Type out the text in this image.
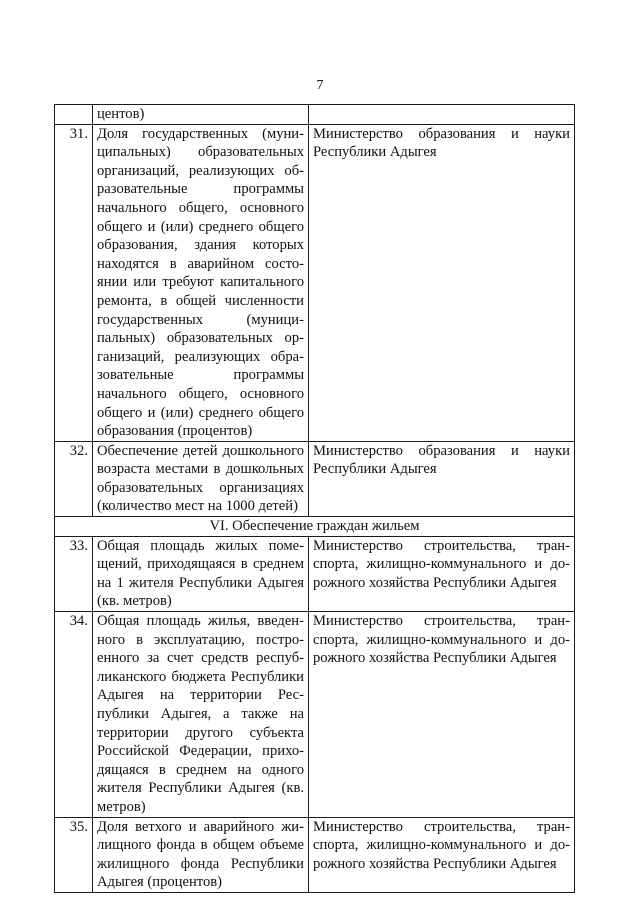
7
	центов)	
31.	Доля государственных (муниципальных) образовательных организаций, реализующих образовательные программы начального общего, основного общего и (или) среднего общего образования, здания которых находятся в аварийном состоянии или требуют капитального ремонта, в общей численности государственных (муниципальных) образовательных организаций, реализующих образовательные программы начального общего, основного общего и (или) среднего общего образования (процентов)	Министерство образования и науки Республики Адыгея
32.	Обеспечение детей дошкольного возраста местами в дошкольных образовательных организациях (количество мест на 1000 детей)	Министерство образования и науки Республики Адыгея
VI. Обеспечение граждан жильем		
33.	Общая площадь жилых помещений, приходящаяся в среднем на 1 жителя Республики Адыгея (кв. метров)	Министерство строительства, транспорта, жилищно-коммунального и дорожного хозяйства Республики Адыгея
34.	Общая площадь жилья, введенного в эксплуатацию, построенного за счет средств республиканского бюджета Республики Адыгея на территории Республики Адыгея, а также на территории другого субъекта Российской Федерации, приходящаяся в среднем на одного жителя Республики Адыгея (кв. метров)	Министерство строительства, транспорта, жилищно-коммунального и дорожного хозяйства Республики Адыгея
35.	Доля ветхого и аварийного жилищного фонда в общем объеме жилищного фонда Республики Адыгея (процентов)	Министерство строительства, транспорта, жилищно-коммунального и дорожного хозяйства Республики Адыгея
